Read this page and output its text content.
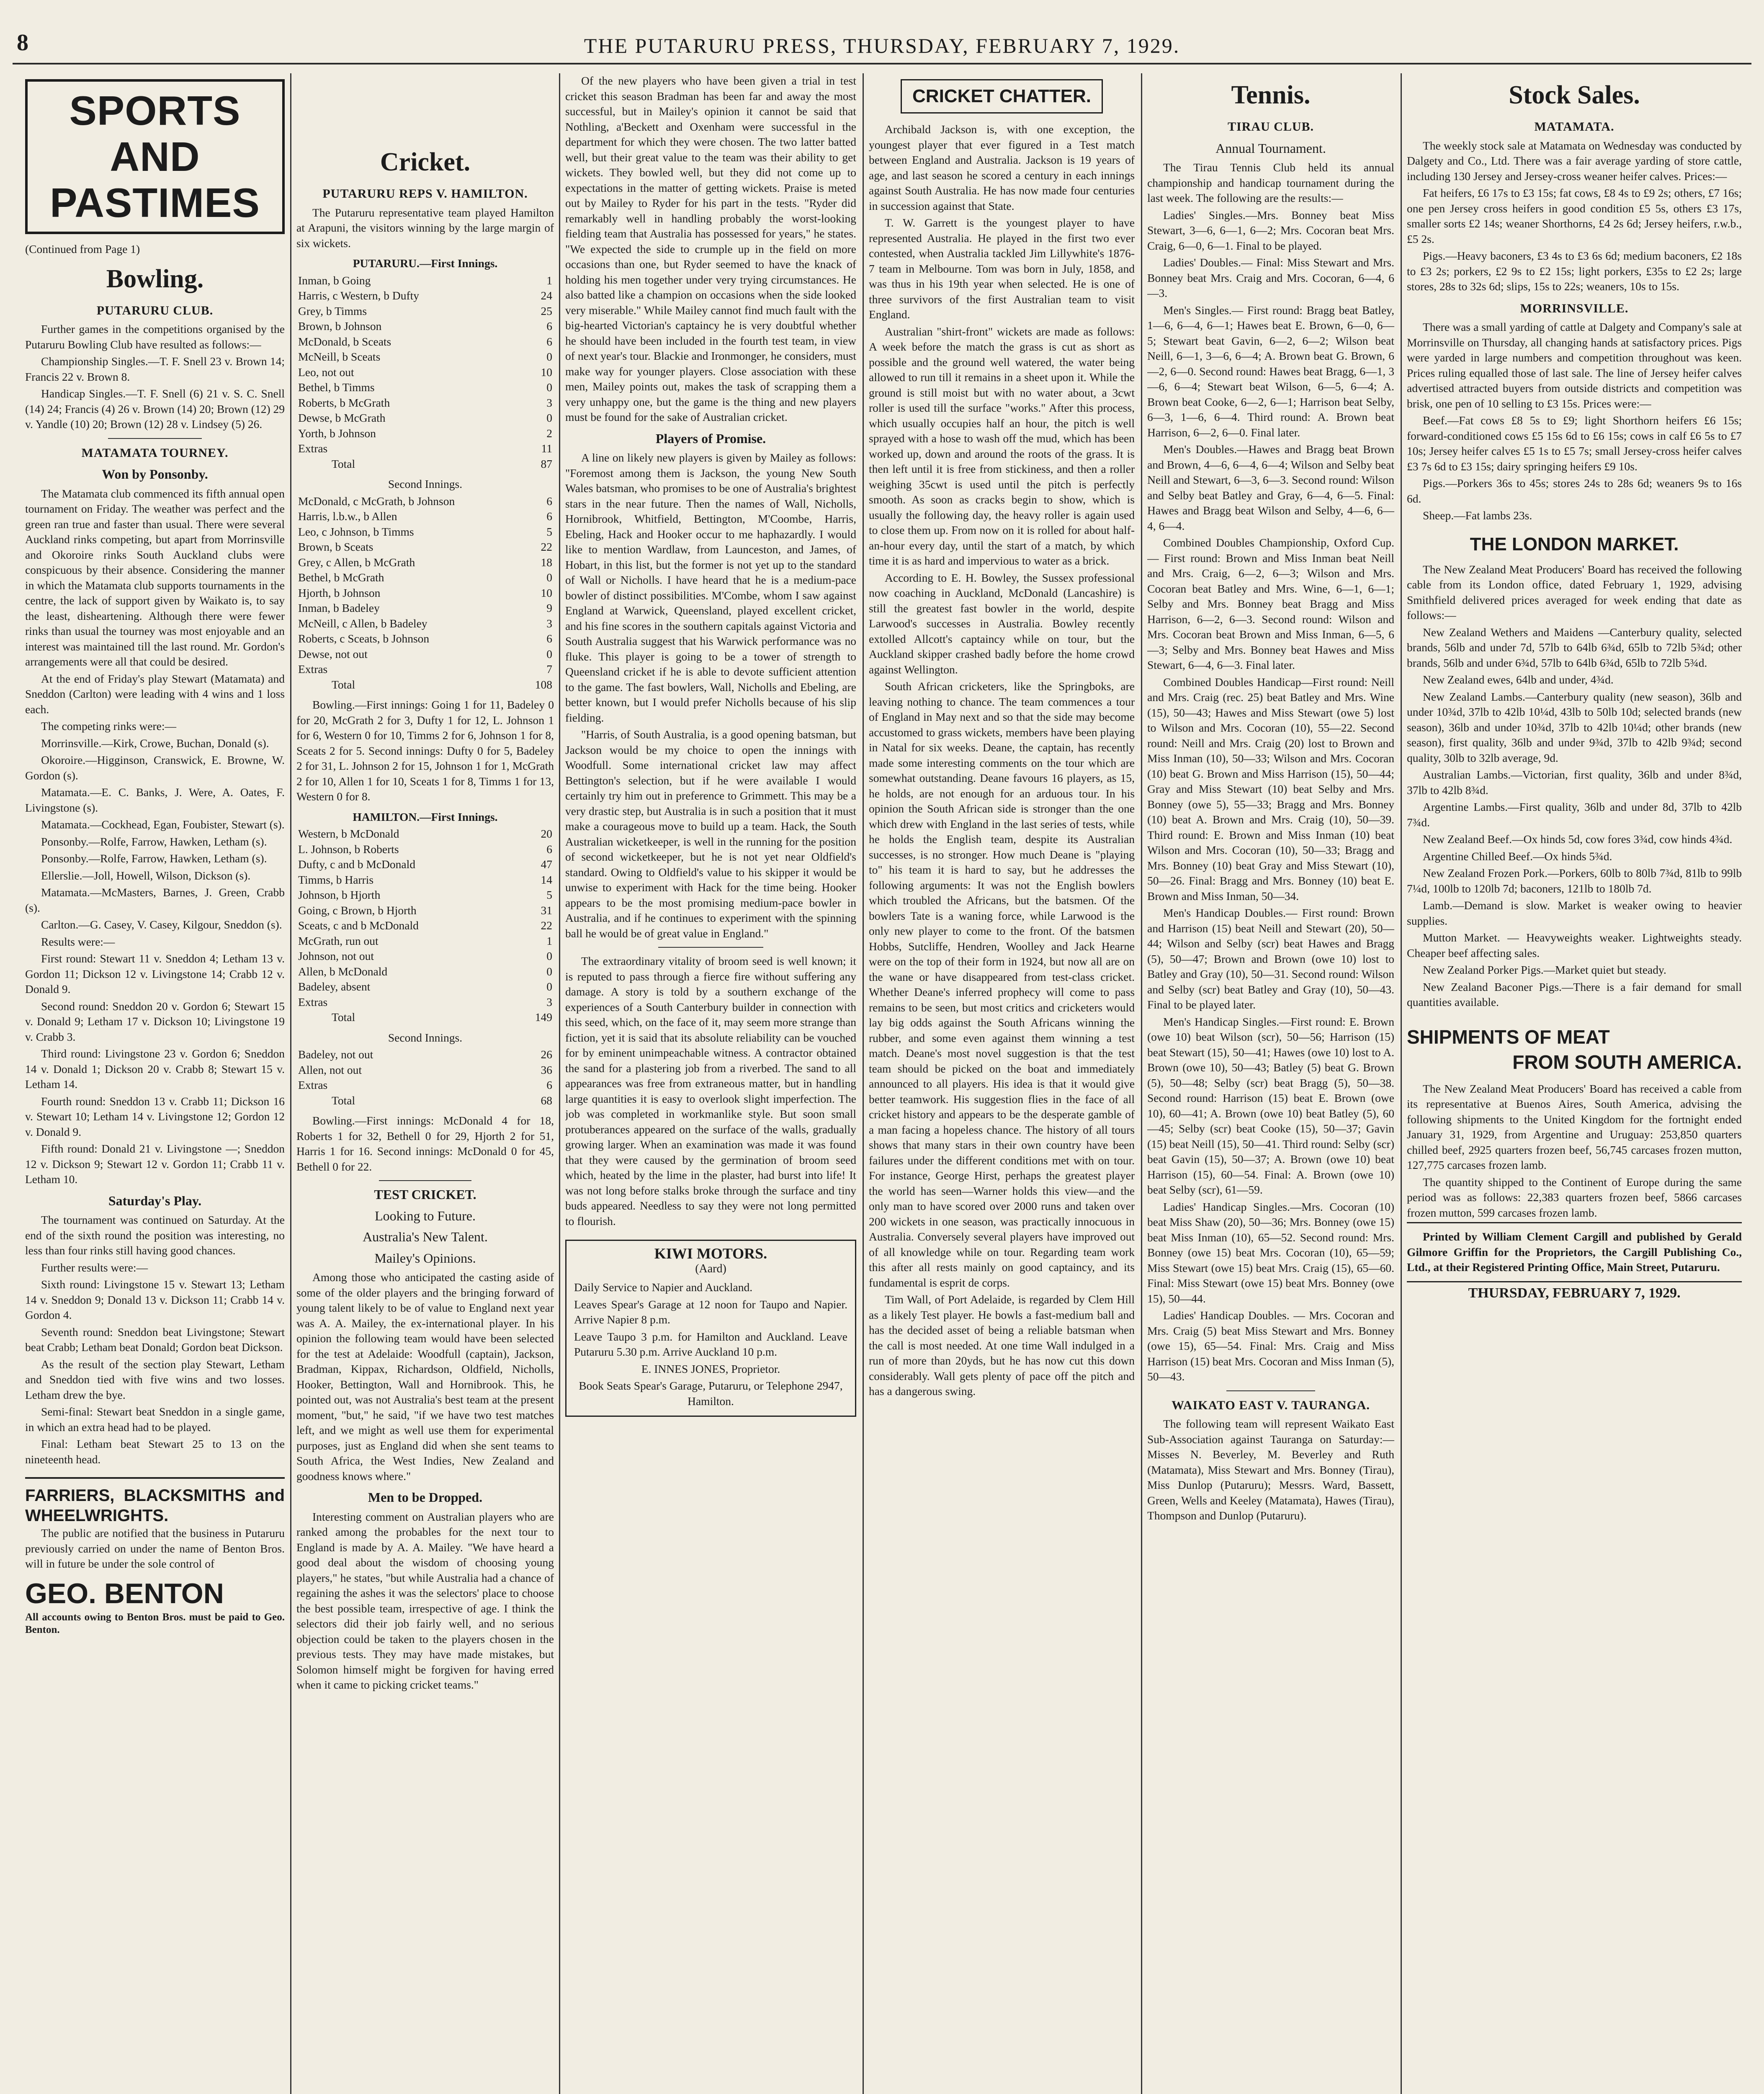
8	THE PUTARURU PRESS, THURSDAY, FEBRUARY 7, 1929.
SPORTS AND PASTIMES

(Continued from Page 1)

Bowling.
PUTARURU CLUB.

Further games in the competitions organised by the Putaruru Bowling Club have resulted as follows:—

Championship Singles.—T. F. Snell 23 v. Brown 14; Francis 22 v. Brown 8.

Handicap Singles.—T. F. Snell (6) 21 v. S. C. Snell (14) 24; Francis (4) 26 v. Brown (14) 20; Brown (12) 29 v. Yandle (10) 20; Brown (12) 28 v. Lindsey (5) 26.

MATAMATA TOURNEY.
Won by Ponsonby.

The Matamata club commenced its fifth annual open tournament on Friday. The weather was perfect and the green ran true and faster than usual. There were several Auckland rinks competing, but apart from Morrinsville and Okoroire rinks South Auckland clubs were conspicuous by their absence. Considering the manner in which the Matamata club supports tournaments in the centre, the lack of support given by Waikato is, to say the least, disheartening. Although there were fewer rinks than usual the tourney was most enjoyable and an interest was maintained till the last round. Mr. Gordon's arrangements were all that could be desired.

At the end of Friday's play Stewart (Matamata) and Sneddon (Carlton) were leading with 4 wins and 1 loss each.

The competing rinks were:—

Morrinsville.—Kirk, Crowe, Buchan, Donald (s).

Okoroire.—Higginson, Cranswick, E. Browne, W. Gordon (s).

Matamata.—E. C. Banks, J. Were, A. Oates, F. Livingstone (s).

Matamata.—Cockhead, Egan, Foubister, Stewart (s).

Ponsonby.—Rolfe, Farrow, Hawken, Letham (s).

Ponsonby.—Rolfe, Farrow, Hawken, Letham (s).

Ellerslie.—Joll, Howell, Wilson, Dickson (s).

Matamata.—McMasters, Barnes, J. Green, Crabb (s).

Carlton.—G. Casey, V. Casey, Kilgour, Sneddon (s).

Results were:—

First round: Stewart 11 v. Sneddon 4; Letham 13 v. Gordon 11; Dickson 12 v. Livingstone 14; Crabb 12 v. Donald 9.

Second round: Sneddon 20 v. Gordon 6; Stewart 15 v. Donald 9; Letham 17 v. Dickson 10; Livingstone 19 v. Crabb 3.

Third round: Livingstone 23 v. Gordon 6; Sneddon 14 v. Donald 1; Dickson 20 v. Crabb 8; Stewart 15 v. Letham 14.

Fourth round: Sneddon 13 v. Crabb 11; Dickson 16 v. Stewart 10; Letham 14 v. Livingstone 12; Gordon 12 v. Donald 9.

Fifth round: Donald 21 v. Livingstone —; Sneddon 12 v. Dickson 9; Stewart 12 v. Gordon 11; Crabb 11 v. Letham 10.

Saturday's Play.

The tournament was continued on Saturday. At the end of the sixth round the position was interesting, no less than four rinks still having good chances.

Further results were:—

Sixth round: Livingstone 15 v. Stewart 13; Letham 14 v. Sneddon 9; Donald 13 v. Dickson 11; Crabb 14 v. Gordon 4.

Seventh round: Sneddon beat Livingstone; Stewart beat Crabb; Letham beat Donald; Gordon beat Dickson.

As the result of the section play Stewart, Letham and Sneddon tied with five wins and two losses. Letham drew the bye.

Semi-final: Stewart beat Sneddon in a single game, in which an extra head had to be played.

Final: Letham beat Stewart 25 to 13 on the nineteenth head.

FARRIERS, BLACKSMITHS and WHEELWRIGHTS.

The public are notified that the business in Putaruru previously carried on under the name of Benton Bros. will in future be under the sole control of

GEO. BENTON
All accounts owing to Benton Bros. must be paid to Geo. Benton.
Cricket.
PUTARURU REPS V. HAMILTON.

The Putaruru representative team played Hamilton at Arapuni, the visitors winning by the large margin of six wickets.

PUTARURU.—First Innings.
Inman, b Going	1
Harris, c Western, b Dufty	24
Grey, b Timms	25
Brown, b Johnson	6
McDonald, b Sceats	6
McNeill, b Sceats	0
Leo, not out	10
Bethel, b Timms	0
Roberts, b McGrath	3
Dewse, b McGrath	0
Yorth, b Johnson	2
Extras	11
Total	87
Second Innings.
McDonald, c McGrath, b Johnson	6
Harris, l.b.w., b Allen	6
Leo, c Johnson, b Timms	5
Brown, b Sceats	22
Grey, c Allen, b McGrath	18
Bethel, b McGrath	0
Hjorth, b Johnson	10
Inman, b Badeley	9
McNeill, c Allen, b Badeley	3
Roberts, c Sceats, b Johnson	6
Dewse, not out	0
Extras	7
Total	108

Bowling.—First innings: Going 1 for 11, Badeley 0 for 20, McGrath 2 for 3, Dufty 1 for 12, L. Johnson 1 for 6, Western 0 for 10, Timms 2 for 6, Johnson 1 for 8, Sceats 2 for 5. Second innings: Dufty 0 for 5, Badeley 2 for 31, L. Johnson 2 for 15, Johnson 1 for 1, McGrath 2 for 10, Allen 1 for 10, Sceats 1 for 8, Timms 1 for 13, Western 0 for 8.

HAMILTON.—First Innings.
Western, b McDonald	20
L. Johnson, b Roberts	6
Dufty, c and b McDonald	47
Timms, b Harris	14
Johnson, b Hjorth	5
Going, c Brown, b Hjorth	31
Sceats, c and b McDonald	22
McGrath, run out	1
Johnson, not out	0
Allen, b McDonald	0
Badeley, absent	0
Extras	3
Total	149
Second Innings.
Badeley, not out	26
Allen, not out	36
Extras	6
Total	68

Bowling.—First innings: McDonald 4 for 18, Roberts 1 for 32, Bethell 0 for 29, Hjorth 2 for 51, Harris 1 for 16. Second innings: McDonald 0 for 45, Bethell 0 for 22.

TEST CRICKET.
Looking to Future.
Australia's New Talent.
Mailey's Opinions.

Among those who anticipated the casting aside of some of the older players and the bringing forward of young talent likely to be of value to England next year was A. A. Mailey, the ex-international player. In his opinion the following team would have been selected for the test at Adelaide: Woodfull (captain), Jackson, Bradman, Kippax, Richardson, Oldfield, Nicholls, Hooker, Bettington, Wall and Hornibrook. This, he pointed out, was not Australia's best team at the present moment, "but," he said, "if we have two test matches left, and we might as well use them for experimental purposes, just as England did when she sent teams to South Africa, the West Indies, New Zealand and goodness knows where."

Men to be Dropped.

Interesting comment on Australian players who are ranked among the probables for the next tour to England is made by A. A. Mailey. "We have heard a good deal about the wisdom of choosing young players," he states, "but while Australia had a chance of regaining the ashes it was the selectors' place to choose the best possible team, irrespective of age. I think the selectors did their job fairly well, and no serious objection could be taken to the players chosen in the previous tests. They may have made mistakes, but Solomon himself might be forgiven for having erred when it came to picking cricket teams."

Of the new players who have been given a trial in test cricket this season Bradman has been far and away the most successful, but in Mailey's opinion it cannot be said that Nothling, a'Beckett and Oxenham were successful in the department for which they were chosen. The two latter batted well, but their great value to the team was their ability to get wickets. They bowled well, but they did not come up to expectations in the matter of getting wickets. Praise is meted out by Mailey to Ryder for his part in the tests. "Ryder did remarkably well in handling probably the worst-looking fielding team that Australia has possessed for years," he states. "We expected the side to crumple up in the field on more occasions than one, but Ryder seemed to have the knack of holding his men together under very trying circumstances. He also batted like a champion on occasions when the side looked very miserable." While Mailey cannot find much fault with the big-hearted Victorian's captaincy he is very doubtful whether he should have been included in the fourth test team, in view of next year's tour. Blackie and Ironmonger, he considers, must make way for younger players. Close association with these men, Mailey points out, makes the task of scrapping them a very unhappy one, but the game is the thing and new players must be found for the sake of Australian cricket.

Players of Promise.

A line on likely new players is given by Mailey as follows: "Foremost among them is Jackson, the young New South Wales batsman, who promises to be one of Australia's brightest stars in the near future. Then the names of Wall, Nicholls, Hornibrook, Whitfield, Bettington, M'Coombe, Harris, Ebeling, Hack and Hooker occur to me haphazardly. I would like to mention Wardlaw, from Launceston, and James, of Hobart, in this list, but the former is not yet up to the standard of Wall or Nicholls. I have heard that he is a medium-pace bowler of distinct possibilities. M'Combe, whom I saw against England at Warwick, Queensland, played excellent cricket, and his fine scores in the southern capitals against Victoria and South Australia suggest that his Warwick performance was no fluke. This player is going to be a tower of strength to Queensland cricket if he is able to devote sufficient attention to the game. The fast bowlers, Wall, Nicholls and Ebeling, are better known, but I would prefer Nicholls because of his slip fielding.

"Harris, of South Australia, is a good opening batsman, but Jackson would be my choice to open the innings with Woodfull. Some international cricket law may affect Bettington's selection, but if he were available I would certainly try him out in preference to Grimmett. This may be a very drastic step, but Australia is in such a position that it must make a courageous move to build up a team. Hack, the South Australian wicketkeeper, is well in the running for the position of second wicketkeeper, but he is not yet near Oldfield's standard. Owing to Oldfield's value to his skipper it would be unwise to experiment with Hack for the time being. Hooker appears to be the most promising medium-pace bowler in Australia, and if he continues to experiment with the spinning ball he would be of great value in England."

The extraordinary vitality of broom seed is well known; it is reputed to pass through a fierce fire without suffering any damage. A story is told by a southern exchange of the experiences of a South Canterbury builder in connection with this seed, which, on the face of it, may seem more strange than fiction, yet it is said that its absolute reliability can be vouched for by eminent unimpeachable witness. A contractor obtained the sand for a plastering job from a riverbed. The sand to all appearances was free from extraneous matter, but in handling large quantities it is easy to overlook slight imperfection. The job was completed in workmanlike style. But soon small protuberances appeared on the surface of the walls, gradually growing larger. When an examination was made it was found that they were caused by the germination of broom seed which, heated by the lime in the plaster, had burst into life! It was not long before stalks broke through the surface and tiny buds appeared. Needless to say they were not long permitted to flourish.

KIWI MOTORS.
(Aard)

Daily Service to Napier and Auckland.

Leaves Spear's Garage at 12 noon for Taupo and Napier. Arrive Napier 8 p.m.

Leave Taupo 3 p.m. for Hamilton and Auckland. Leave Putaruru 5.30 p.m. Arrive Auckland 10 p.m.

E. INNES JONES, Proprietor.

Book Seats Spear's Garage, Putaruru, or Telephone 2947, Hamilton.

CRICKET CHATTER.

Archibald Jackson is, with one exception, the youngest player that ever figured in a Test match between England and Australia. Jackson is 19 years of age, and last season he scored a century in each innings against South Australia. He has now made four centuries in succession against that State.

T. W. Garrett is the youngest player to have represented Australia. He played in the first two ever contested, when Australia tackled Jim Lillywhite's 1876-7 team in Melbourne. Tom was born in July, 1858, and was thus in his 19th year when selected. He is one of three survivors of the first Australian team to visit England.

Australian "shirt-front" wickets are made as follows: A week before the match the grass is cut as short as possible and the ground well watered, the water being allowed to run till it remains in a sheet upon it. While the ground is still moist but with no water about, a 3cwt roller is used till the surface "works." After this process, which usually occupies half an hour, the pitch is well sprayed with a hose to wash off the mud, which has been worked up, down and around the roots of the grass. It is then left until it is free from stickiness, and then a roller weighing 35cwt is used until the pitch is perfectly smooth. As soon as cracks begin to show, which is usually the following day, the heavy roller is again used to close them up. From now on it is rolled for about half-an-hour every day, until the start of a match, by which time it is as hard and impervious to water as a brick.

According to E. H. Bowley, the Sussex professional now coaching in Auckland, McDonald (Lancashire) is still the greatest fast bowler in the world, despite Larwood's successes in Australia. Bowley recently extolled Allcott's captaincy while on tour, but the Auckland skipper crashed badly before the home crowd against Wellington.

South African cricketers, like the Springboks, are leaving nothing to chance. The team commences a tour of England in May next and so that the side may become accustomed to grass wickets, members have been playing in Natal for six weeks. Deane, the captain, has recently made some interesting comments on the tour which are somewhat outstanding. Deane favours 16 players, as 15, he holds, are not enough for an arduous tour. In his opinion the South African side is stronger than the one which drew with England in the last series of tests, while he holds the English team, despite its Australian successes, is no stronger. How much Deane is "playing to" his team it is hard to say, but he addresses the following arguments: It was not the English bowlers which troubled the Africans, but the batsmen. Of the bowlers Tate is a waning force, while Larwood is the only new player to come to the front. Of the batsmen Hobbs, Sutcliffe, Hendren, Woolley and Jack Hearne were on the top of their form in 1924, but now all are on the wane or have disappeared from test-class cricket. Whether Deane's inferred prophecy will come to pass remains to be seen, but most critics and cricketers would lay big odds against the South Africans winning the rubber, and some even against them winning a test match. Deane's most novel suggestion is that the test team should be picked on the boat and immediately announced to all players. His idea is that it would give better teamwork. His suggestion flies in the face of all cricket history and appears to be the desperate gamble of a man facing a hopeless chance. The history of all tours shows that many stars in their own country have been failures under the different conditions met with on tour. For instance, George Hirst, perhaps the greatest player the world has seen—Warner holds this view—and the only man to have scored over 2000 runs and taken over 200 wickets in one season, was practically innocuous in Australia. Conversely several players have improved out of all knowledge while on tour. Regarding team work this after all rests mainly on good captaincy, and its fundamental is esprit de corps.

Tim Wall, of Port Adelaide, is regarded by Clem Hill as a likely Test player. He bowls a fast-medium ball and has the decided asset of being a reliable batsman when the call is most needed. At one time Wall indulged in a run of more than 20yds, but he has now cut this down considerably. Wall gets plenty of pace off the pitch and has a dangerous swing.

Tennis.
TIRAU CLUB.
Annual Tournament.

The Tirau Tennis Club held its annual championship and handicap tournament during the last week. The following are the results:—

Ladies' Singles.—Mrs. Bonney beat Miss Stewart, 3—6, 6—1, 6—2; Mrs. Cocoran beat Mrs. Craig, 6—0, 6—1. Final to be played.

Ladies' Doubles.— Final: Miss Stewart and Mrs. Bonney beat Mrs. Craig and Mrs. Cocoran, 6—4, 6—3.

Men's Singles.— First round: Bragg beat Batley, 1—6, 6—4, 6—1; Hawes beat E. Brown, 6—0, 6—5; Stewart beat Gavin, 6—2, 6—2; Wilson beat Neill, 6—1, 3—6, 6—4; A. Brown beat G. Brown, 6—2, 6—0. Second round: Hawes beat Bragg, 6—1, 3—6, 6—4; Stewart beat Wilson, 6—5, 6—4; A. Brown beat Cooke, 6—2, 6—1; Harrison beat Selby, 6—3, 1—6, 6—4. Third round: A. Brown beat Harrison, 6—2, 6—0. Final later.

Men's Doubles.—Hawes and Bragg beat Brown and Brown, 4—6, 6—4, 6—4; Wilson and Selby beat Neill and Stewart, 6—3, 6—3. Second round: Wilson and Selby beat Batley and Gray, 6—4, 6—5. Final: Hawes and Bragg beat Wilson and Selby, 4—6, 6—4, 6—4.

Combined Doubles Championship, Oxford Cup.— First round: Brown and Miss Inman beat Neill and Mrs. Craig, 6—2, 6—3; Wilson and Mrs. Cocoran beat Batley and Mrs. Wine, 6—1, 6—1; Selby and Mrs. Bonney beat Bragg and Miss Harrison, 6—2, 6—3. Second round: Wilson and Mrs. Cocoran beat Brown and Miss Inman, 6—5, 6—3; Selby and Mrs. Bonney beat Hawes and Miss Stewart, 6—4, 6—3. Final later.

Combined Doubles Handicap—First round: Neill and Mrs. Craig (rec. 25) beat Batley and Mrs. Wine (15), 50—43; Hawes and Miss Stewart (owe 5) lost to Wilson and Mrs. Cocoran (10), 55—22. Second round: Neill and Mrs. Craig (20) lost to Brown and Miss Inman (10), 50—33; Wilson and Mrs. Cocoran (10) beat G. Brown and Miss Harrison (15), 50—44; Gray and Miss Stewart (10) beat Selby and Mrs. Bonney (owe 5), 55—33; Bragg and Mrs. Bonney (10) beat A. Brown and Mrs. Craig (10), 50—39. Third round: E. Brown and Miss Inman (10) beat Wilson and Mrs. Cocoran (10), 50—33; Bragg and Mrs. Bonney (10) beat Gray and Miss Stewart (10), 50—26. Final: Bragg and Mrs. Bonney (10) beat E. Brown and Miss Inman, 50—34.

Men's Handicap Doubles.— First round: Brown and Harrison (15) beat Neill and Stewart (20), 50—44; Wilson and Selby (scr) beat Hawes and Bragg (5), 50—47; Brown and Brown (owe 10) lost to Batley and Gray (10), 50—31. Second round: Wilson and Selby (scr) beat Batley and Gray (10), 50—43. Final to be played later.

Men's Handicap Singles.—First round: E. Brown (owe 10) beat Wilson (scr), 50—56; Harrison (15) beat Stewart (15), 50—41; Hawes (owe 10) lost to A. Brown (owe 10), 50—43; Batley (5) beat G. Brown (5), 50—48; Selby (scr) beat Bragg (5), 50—38. Second round: Harrison (15) beat E. Brown (owe 10), 60—41; A. Brown (owe 10) beat Batley (5), 60—45; Selby (scr) beat Cooke (15), 50—37; Gavin (15) beat Neill (15), 50—41. Third round: Selby (scr) beat Gavin (15), 50—37; A. Brown (owe 10) beat Harrison (15), 60—54. Final: A. Brown (owe 10) beat Selby (scr), 61—59.

Ladies' Handicap Singles.—Mrs. Cocoran (10) beat Miss Shaw (20), 50—36; Mrs. Bonney (owe 15) beat Miss Inman (10), 65—52. Second round: Mrs. Bonney (owe 15) beat Mrs. Cocoran (10), 65—59; Miss Stewart (owe 15) beat Mrs. Craig (15), 65—60. Final: Miss Stewart (owe 15) beat Mrs. Bonney (owe 15), 50—44.

Ladies' Handicap Doubles. — Mrs. Cocoran and Mrs. Craig (5) beat Miss Stewart and Mrs. Bonney (owe 15), 65—54. Final: Mrs. Craig and Miss Harrison (15) beat Mrs. Cocoran and Miss Inman (5), 50—43.

WAIKATO EAST V. TAURANGA.

The following team will represent Waikato East Sub-Association against Tauranga on Saturday:— Misses N. Beverley, M. Beverley and Ruth (Matamata), Miss Stewart and Mrs. Bonney (Tirau), Miss Dunlop (Putaruru); Messrs. Ward, Bassett, Green, Wells and Keeley (Matamata), Hawes (Tirau), Thompson and Dunlop (Putaruru).

Stock Sales.
MATAMATA.

The weekly stock sale at Matamata on Wednesday was conducted by Dalgety and Co., Ltd. There was a fair average yarding of store cattle, including 130 Jersey and Jersey-cross weaner heifer calves. Prices:—

Fat heifers, £6 17s to £3 15s; fat cows, £8 4s to £9 2s; others, £7 16s; one pen Jersey cross heifers in good condition £5 5s, others £3 17s, smaller sorts £2 14s; weaner Shorthorns, £4 2s 6d; Jersey heifers, r.w.b., £5 2s.

Pigs.—Heavy baconers, £3 4s to £3 6s 6d; medium baconers, £2 18s to £3 2s; porkers, £2 9s to £2 15s; light porkers, £35s to £2 2s; large stores, 28s to 32s 6d; slips, 15s to 22s; weaners, 10s to 15s.

MORRINSVILLE.

There was a small yarding of cattle at Dalgety and Company's sale at Morrinsville on Thursday, all changing hands at satisfactory prices. Pigs were yarded in large numbers and competition throughout was keen. Prices ruling equalled those of last sale. The line of Jersey heifer calves advertised attracted buyers from outside districts and competition was brisk, one pen of 10 selling to £3 15s. Prices were:—

Beef.—Fat cows £8 5s to £9; light Shorthorn heifers £6 15s; forward-conditioned cows £5 15s 6d to £6 15s; cows in calf £6 5s to £7 10s; Jersey heifer calves £5 1s to £5 7s; small Jersey-cross heifer calves £3 7s 6d to £3 15s; dairy springing heifers £9 10s.

Pigs.—Porkers 36s to 45s; stores 24s to 28s 6d; weaners 9s to 16s 6d.

Sheep.—Fat lambs 23s.

THE LONDON MARKET.

The New Zealand Meat Producers' Board has received the following cable from its London office, dated February 1, 1929, advising Smithfield delivered prices averaged for week ending that date as follows:—

New Zealand Wethers and Maidens —Canterbury quality, selected brands, 56lb and under 7d, 57lb to 64lb 6¾d, 65lb to 72lb 5¾d; other brands, 56lb and under 6¾d, 57lb to 64lb 6¾d, 65lb to 72lb 5¾d.

New Zealand ewes, 64lb and under, 4¾d.

New Zealand Lambs.—Canterbury quality (new season), 36lb and under 10¾d, 37lb to 42lb 10¼d, 43lb to 50lb 10d; selected brands (new season), 36lb and under 10¾d, 37lb to 42lb 10¼d; other brands (new season), first quality, 36lb and under 9¾d, 37lb to 42lb 9¾d; second quality, 30lb to 32lb average, 9d.

Australian Lambs.—Victorian, first quality, 36lb and under 8¾d, 37lb to 42lb 8¾d.

Argentine Lambs.—First quality, 36lb and under 8d, 37lb to 42lb 7¾d.

New Zealand Beef.—Ox hinds 5d, cow fores 3¾d, cow hinds 4¾d.

Argentine Chilled Beef.—Ox hinds 5¾d.

New Zealand Frozen Pork.—Porkers, 60lb to 80lb 7¾d, 81lb to 99lb 7¼d, 100lb to 120lb 7d; baconers, 121lb to 180lb 7d.

Lamb.—Demand is slow. Market is weaker owing to heavier supplies.

Mutton Market. — Heavyweights weaker. Lightweights steady. Cheaper beef affecting sales.

New Zealand Porker Pigs.—Market quiet but steady.

New Zealand Baconer Pigs.—There is a fair demand for small quantities available.

SHIPMENTS OF MEAT
FROM SOUTH AMERICA.

The New Zealand Meat Producers' Board has received a cable from its representative at Buenos Aires, South America, advising the following shipments to the United Kingdom for the fortnight ended January 31, 1929, from Argentine and Uruguay: 253,850 quarters chilled beef, 2925 quarters frozen beef, 56,745 carcases frozen mutton, 127,775 carcases frozen lamb.

The quantity shipped to the Continent of Europe during the same period was as follows: 22,383 quarters frozen beef, 5866 carcases frozen mutton, 599 carcases frozen lamb.

Printed by William Clement Cargill and published by Gerald Gilmore Griffin for the Proprietors, the Cargill Publishing Co., Ltd., at their Registered Printing Office, Main Street, Putaruru.

THURSDAY, FEBRUARY 7, 1929.
